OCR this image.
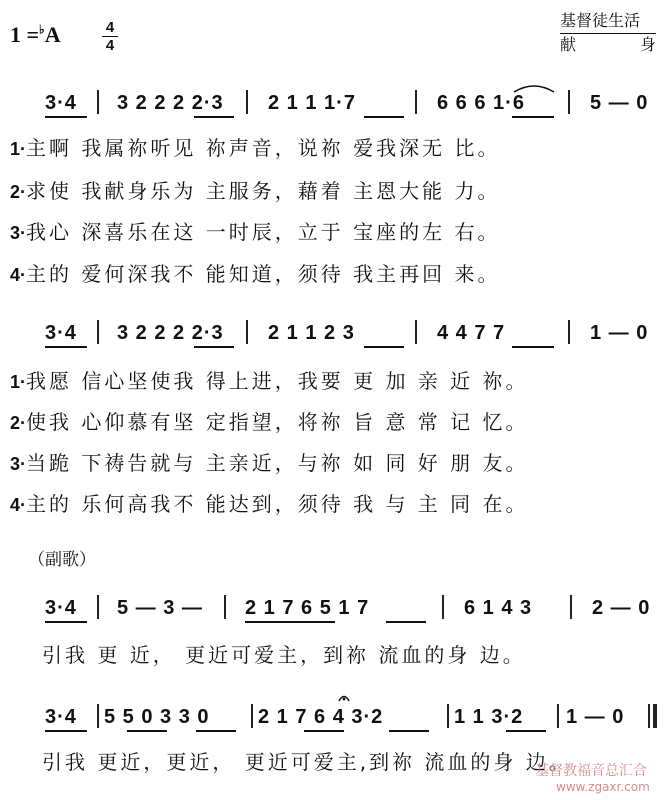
1 =♭A	4
4
基督徒生活
献	身
3·4 3 2 2 2 2·3 2 1 1 1·7	6 6 6 1·6	5 — 0
1·主啊 我属祢听见 祢声音，说祢 爱我深无 比。
2·求使 我献身乐为 主服务，藉着 主恩大能 力。
3·我心 深喜乐在这 一时辰，立于 宝座的左 右。
4·主的 爱何深我不 能知道，须待 我主再回 来。
3·4 3 2 2 2 2·3 2 1 1 2 3	4 4 7 7	1 — 0
1·我愿 信心坚使我 得上进，我要 更 加 亲 近 祢。
2·使我 心仰慕有坚 定指望，将祢 旨 意 常 记 忆。
3·当跪 下祷告就与 主亲近，与祢 如 同 好 朋 友。
4·主的 乐何高我不 能达到，须待 我 与 主 同 在。
（副歌）
3·4 5 — 3 — 2 1 7 6 5 1 7	6 1 4 3	2 — 0
引我 更 近， 更近可爱主，到祢 流血的身 边。
3·4 5 5 0 3 3 0 2 1 7 6 4 3·2	1 1 3·2 1 — 0
引我 更近，更近， 更近可爱主,到祢 流血的身 边。
基督教福音总汇合
www.zgaxr.com
